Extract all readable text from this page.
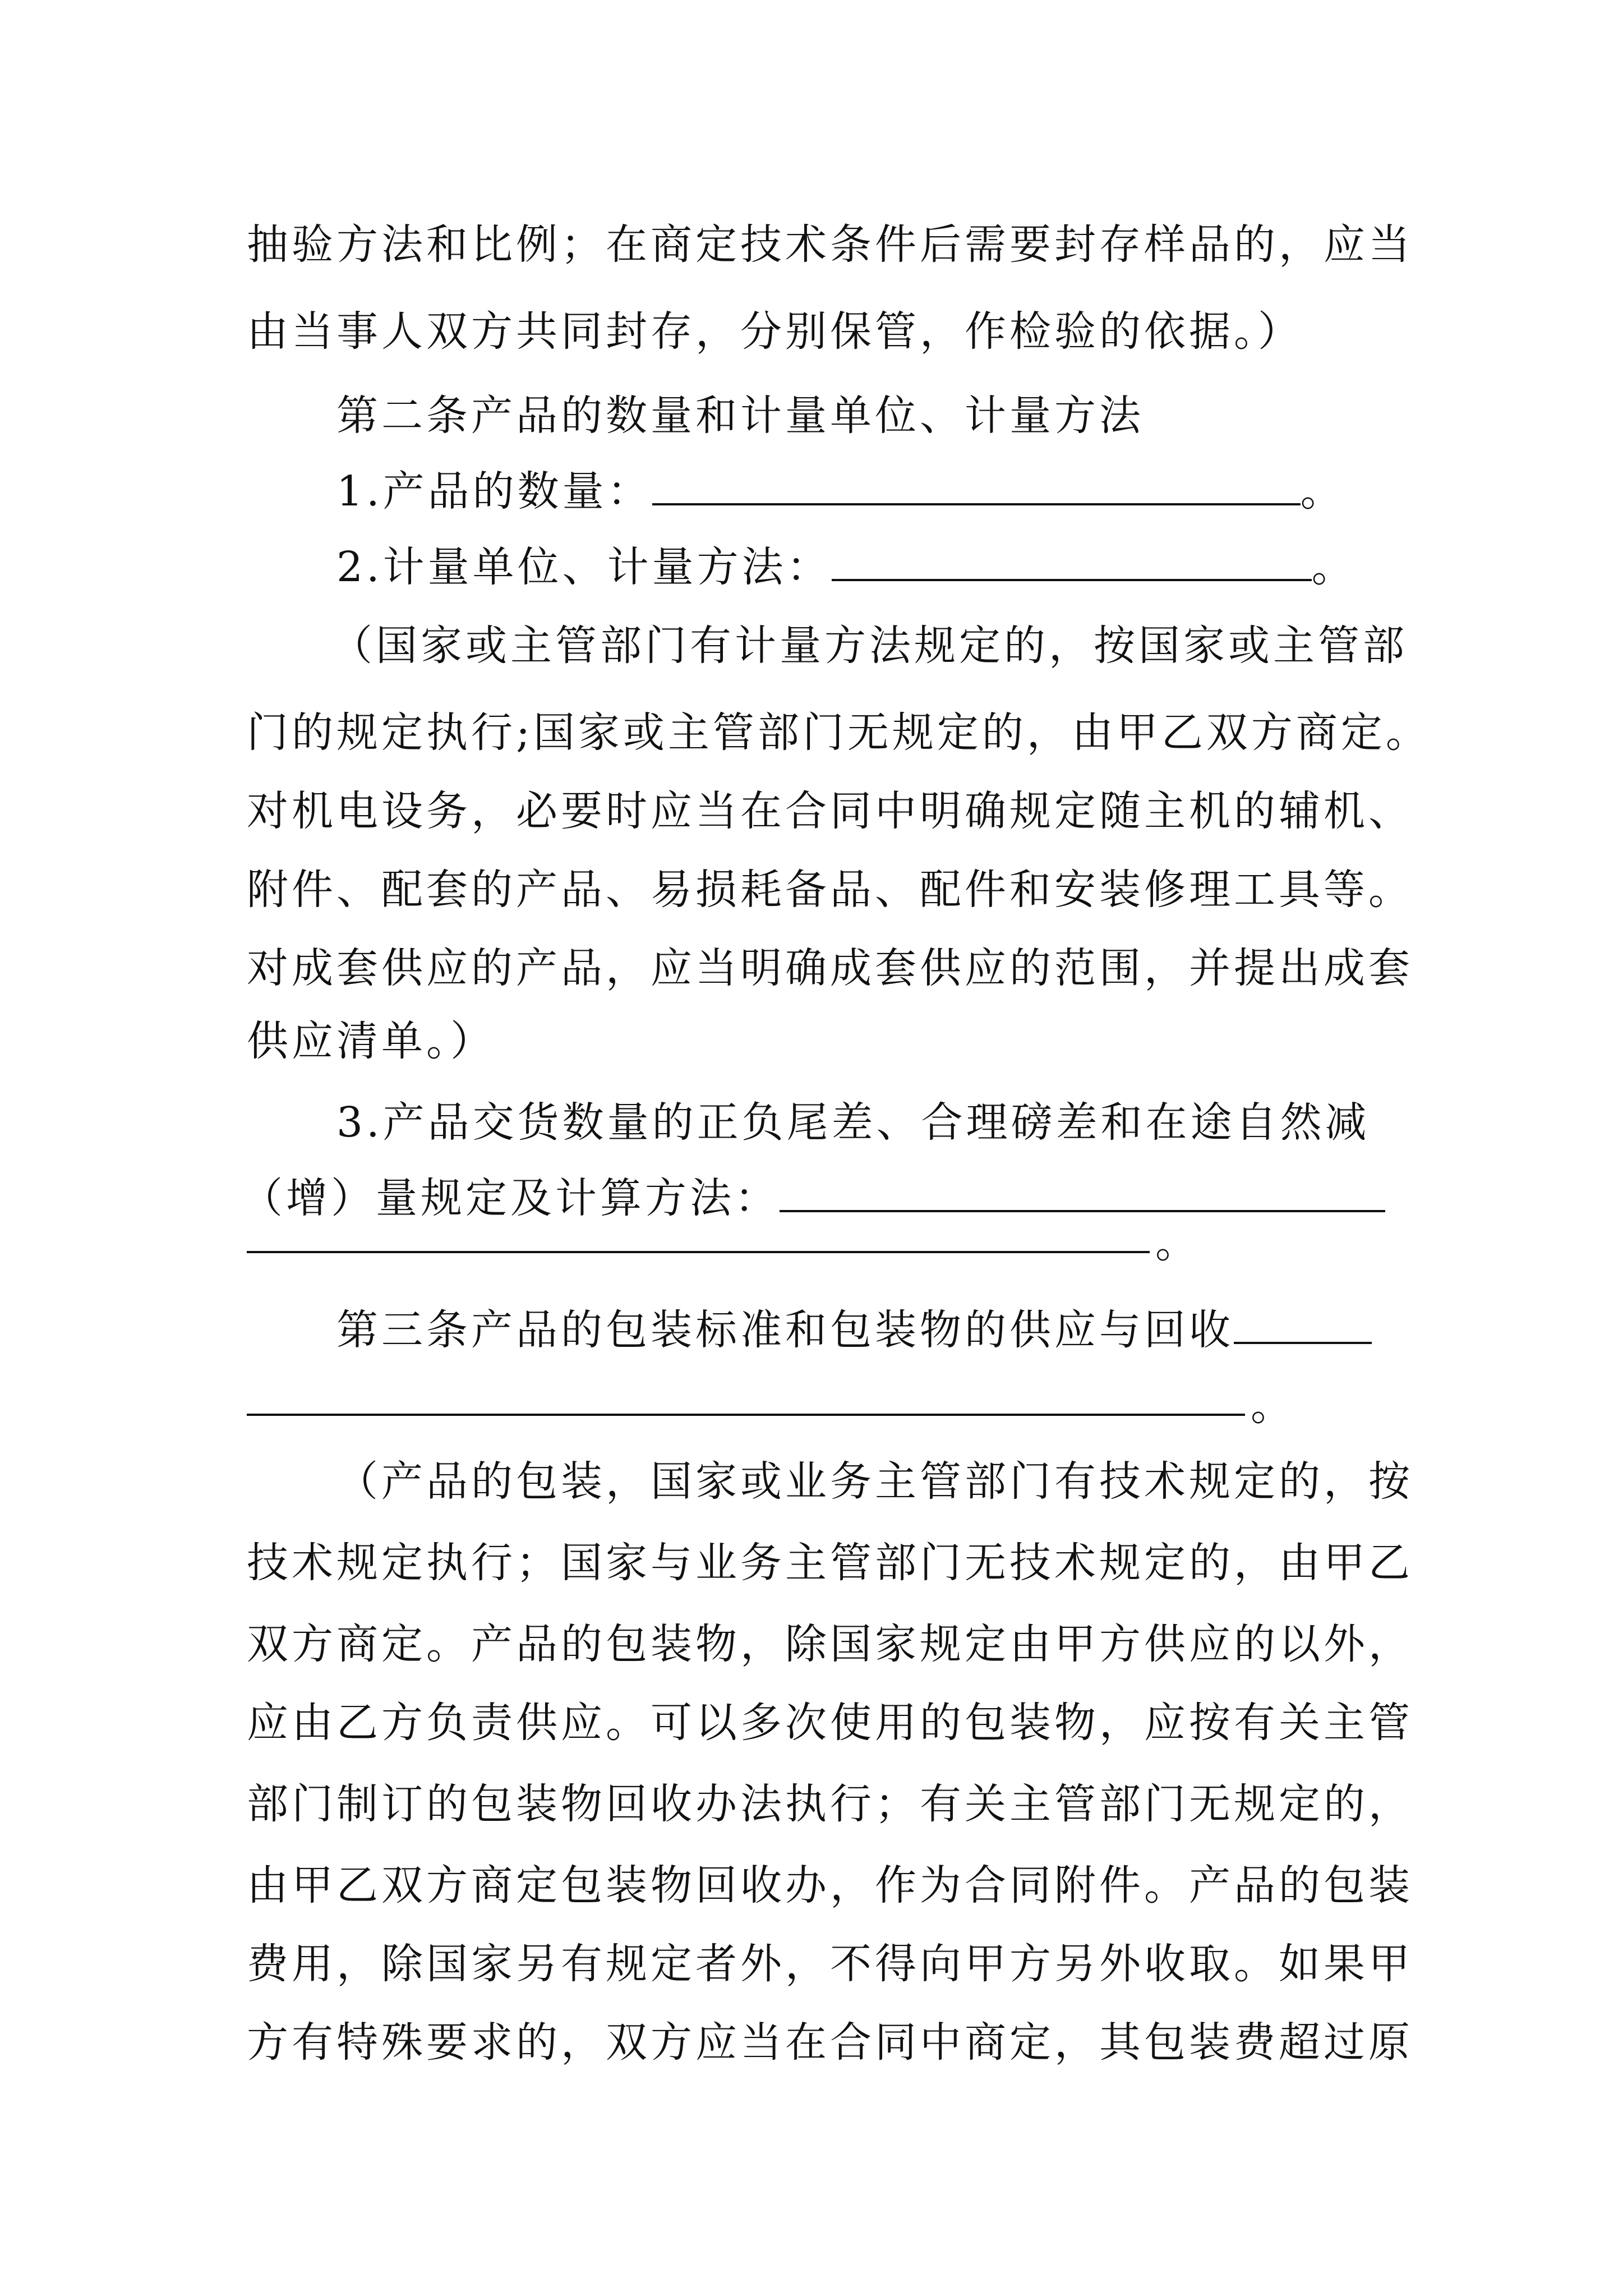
抽验方法和比例；在商定技术条件后需要封存样品的，应当
由当事人双方共同封存，分别保管，作检验的依据。）
第二条产品的数量和计量单位、计量方法
1.产品的数量：	。
2.计量单位、计量方法：	。
（国家或主管部门有计量方法规定的，按国家或主管部
门的规定执行;国家或主管部门无规定的，由甲乙双方商定。
对机电设务，必要时应当在合同中明确规定随主机的辅机、
附件、配套的产品、易损耗备品、配件和安装修理工具等。
对成套供应的产品，应当明确成套供应的范围，并提出成套
供应清单。）
3.产品交货数量的正负尾差、合理磅差和在途自然减
（增）量规定及计算方法：
。
第三条产品的包装标准和包装物的供应与回收
。
（产品的包装，国家或业务主管部门有技术规定的，按
技术规定执行；国家与业务主管部门无技术规定的，由甲乙
双方商定。产品的包装物，除国家规定由甲方供应的以外，
应由乙方负责供应。可以多次使用的包装物，应按有关主管
部门制订的包装物回收办法执行；有关主管部门无规定的，
由甲乙双方商定包装物回收办，作为合同附件。产品的包装
费用，除国家另有规定者外，不得向甲方另外收取。如果甲
方有特殊要求的，双方应当在合同中商定，其包装费超过原
